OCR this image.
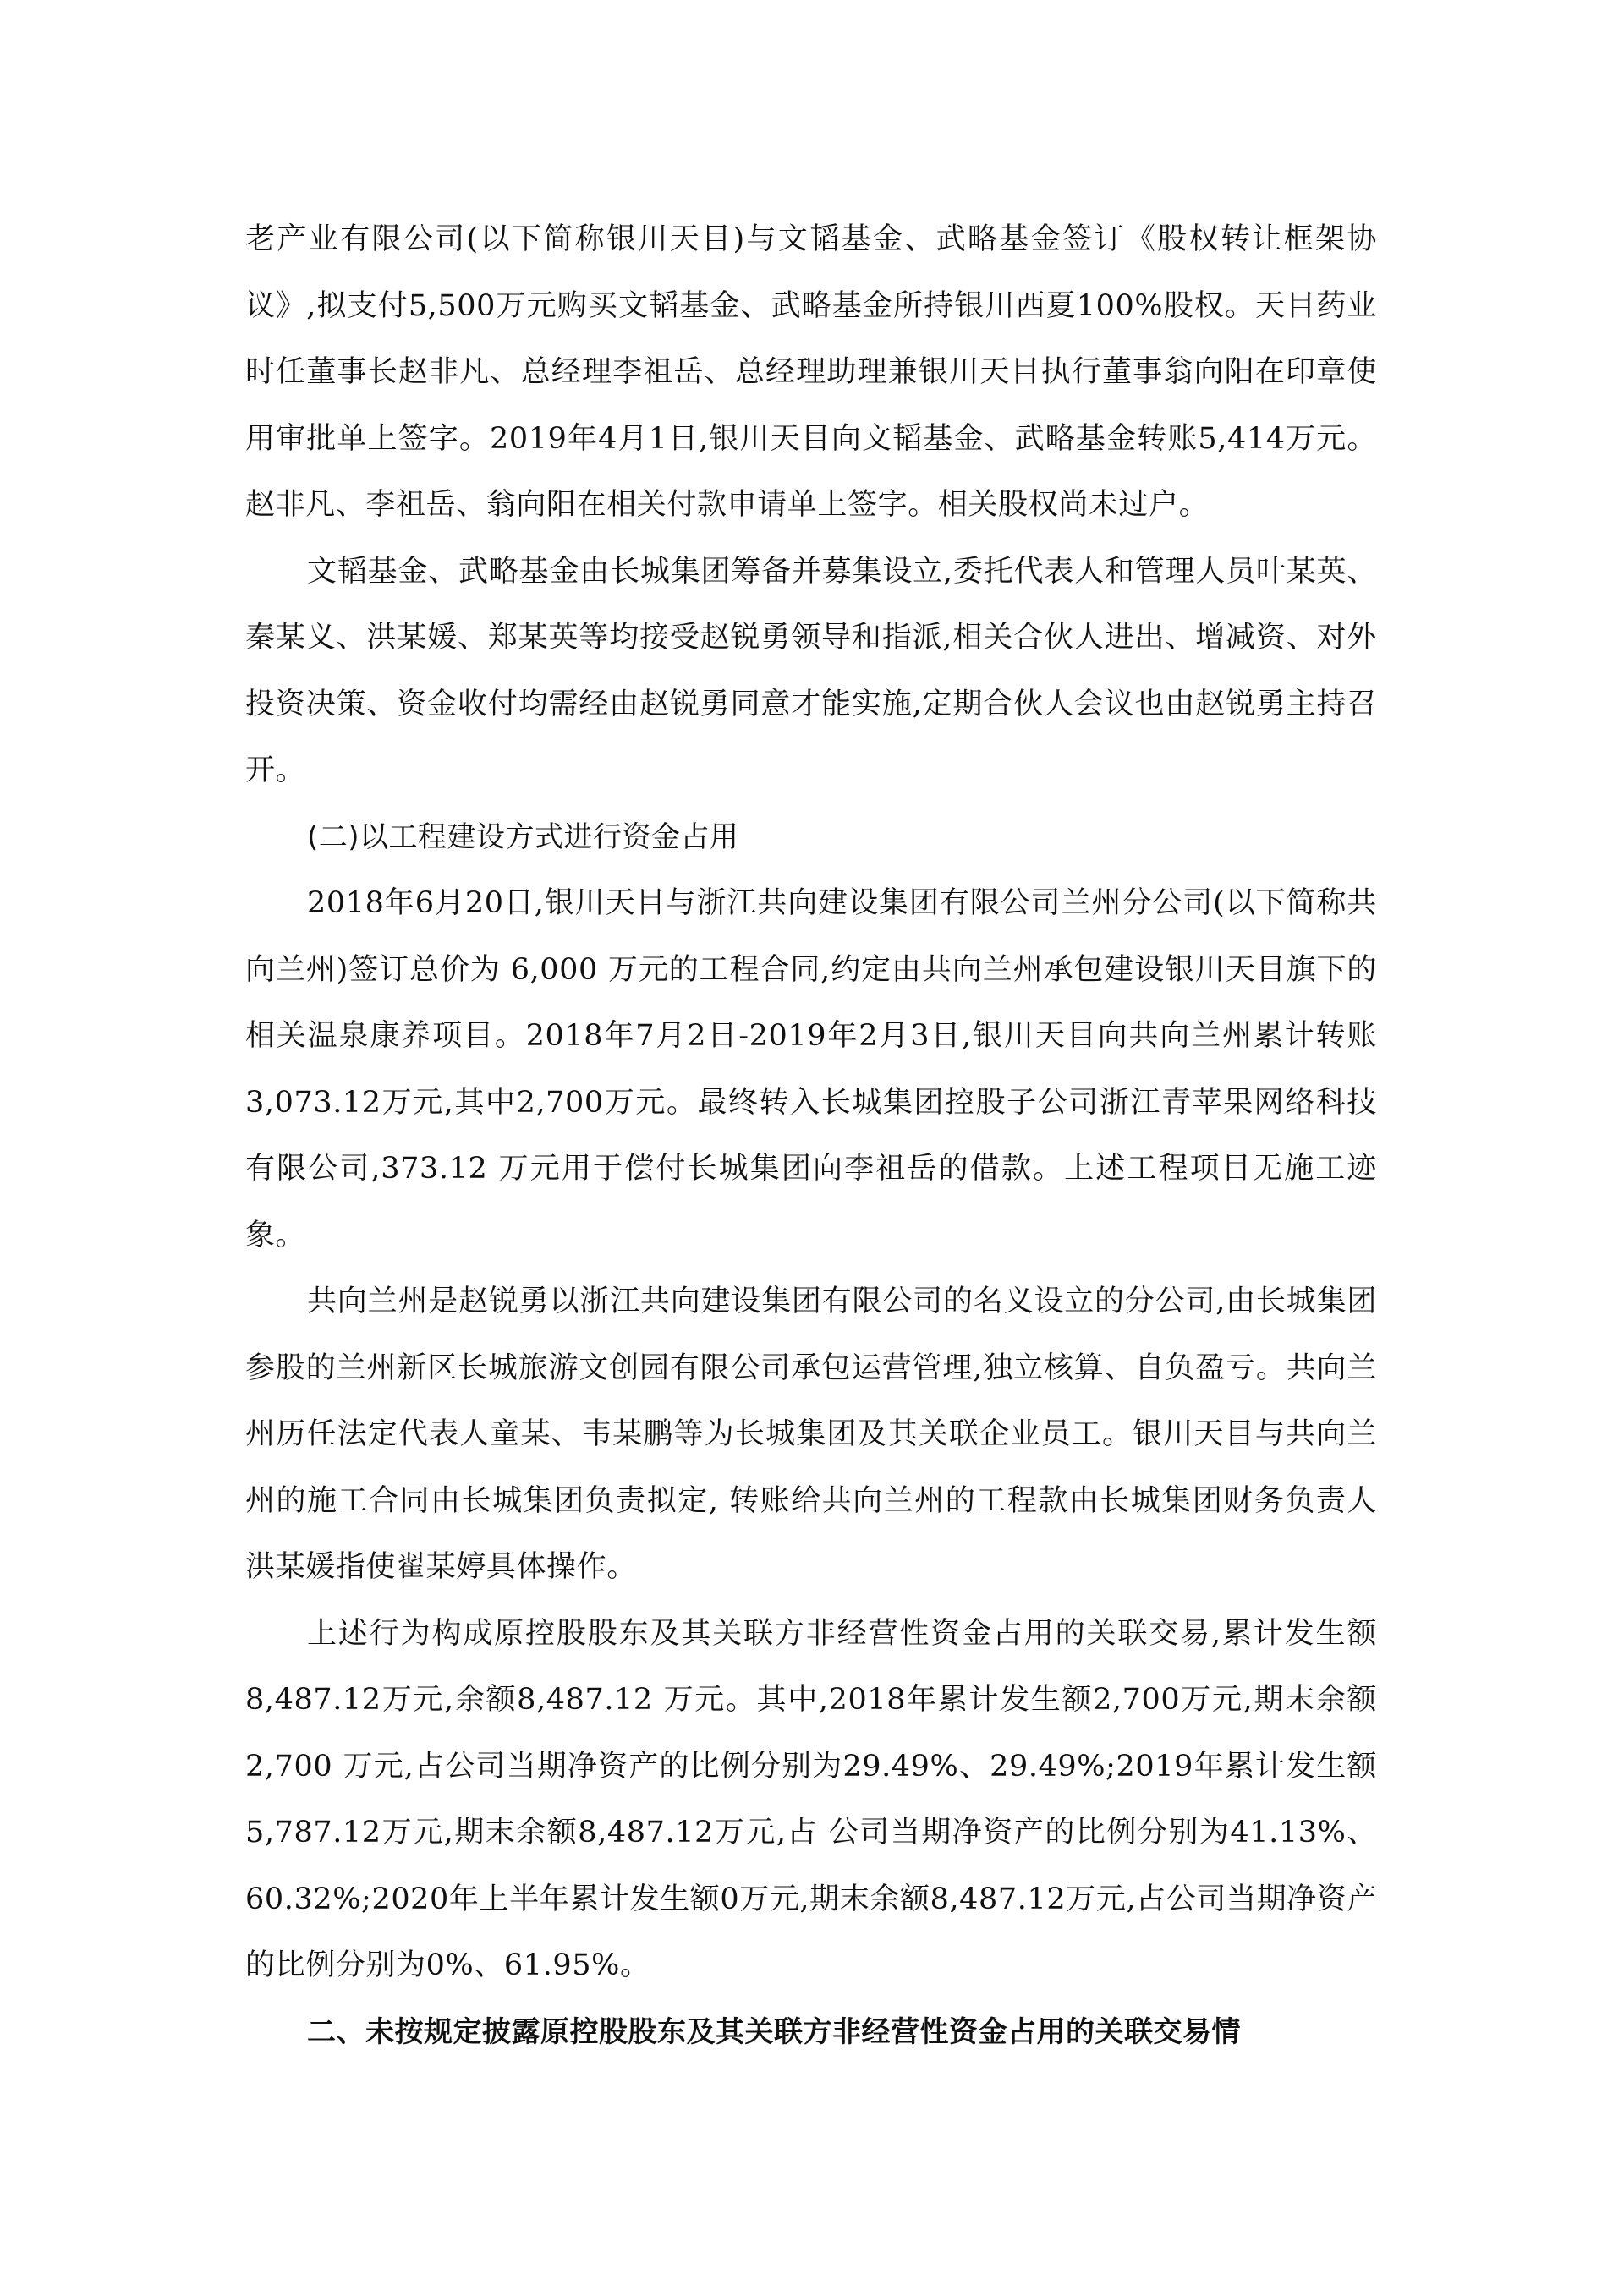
老产业有限公司(以下简称银川天目)与文韬基金、武略基金签订《股权转让框架协议》,拟支付5,500万元购买文韬基金、武略基金所持银川西夏100%股权。天目药业时任董事长赵非凡、总经理李祖岳、总经理助理兼银川天目执行董事翁向阳在印章使用审批单上签字。2019年4月1日,银川天目向文韬基金、武略基金转账5,414万元。赵非凡、李祖岳、翁向阳在相关付款申请单上签字。相关股权尚未过户。

文韬基金、武略基金由长城集团筹备并募集设立,委托代表人和管理人员叶某英、秦某义、洪某媛、郑某英等均接受赵锐勇领导和指派,相关合伙人进出、增减资、对外投资决策、资金收付均需经由赵锐勇同意才能实施,定期合伙人会议也由赵锐勇主持召开。

(二)以工程建设方式进行资金占用

2018年6月20日,银川天目与浙江共向建设集团有限公司兰州分公司(以下简称共向兰州)签订总价为 6,000 万元的工程合同,约定由共向兰州承包建设银川天目旗下的相关温泉康养项目。2018年7月2日-2019年2月3日,银川天目向共向兰州累计转账3,073.12万元,其中2,700万元。最终转入长城集团控股子公司浙江青苹果网络科技有限公司,373.12 万元用于偿付长城集团向李祖岳的借款。上述工程项目无施工迹象。

共向兰州是赵锐勇以浙江共向建设集团有限公司的名义设立的分公司,由长城集团参股的兰州新区长城旅游文创园有限公司承包运营管理,独立核算、自负盈亏。共向兰州历任法定代表人童某、韦某鹏等为长城集团及其关联企业员工。银川天目与共向兰州的施工合同由长城集团负责拟定, 转账给共向兰州的工程款由长城集团财务负责人洪某媛指使翟某婷具体操作。

上述行为构成原控股股东及其关联方非经营性资金占用的关联交易,累计发生额8,487.12万元,余额8,487.12 万元。其中,2018年累计发生额2,700万元,期末余额 2,700 万元,占公司当期净资产的比例分别为29.49%、29.49%;2019年累计发生额5,787.12万元,期末余额8,487.12万元,占 公司当期净资产的比例分别为41.13%、60.32%;2020年上半年累计发生额0万元,期末余额8,487.12万元,占公司当期净资产的比例分别为0%、61.95%。

二、未按规定披露原控股股东及其关联方非经营性资金占用的关联交易情
